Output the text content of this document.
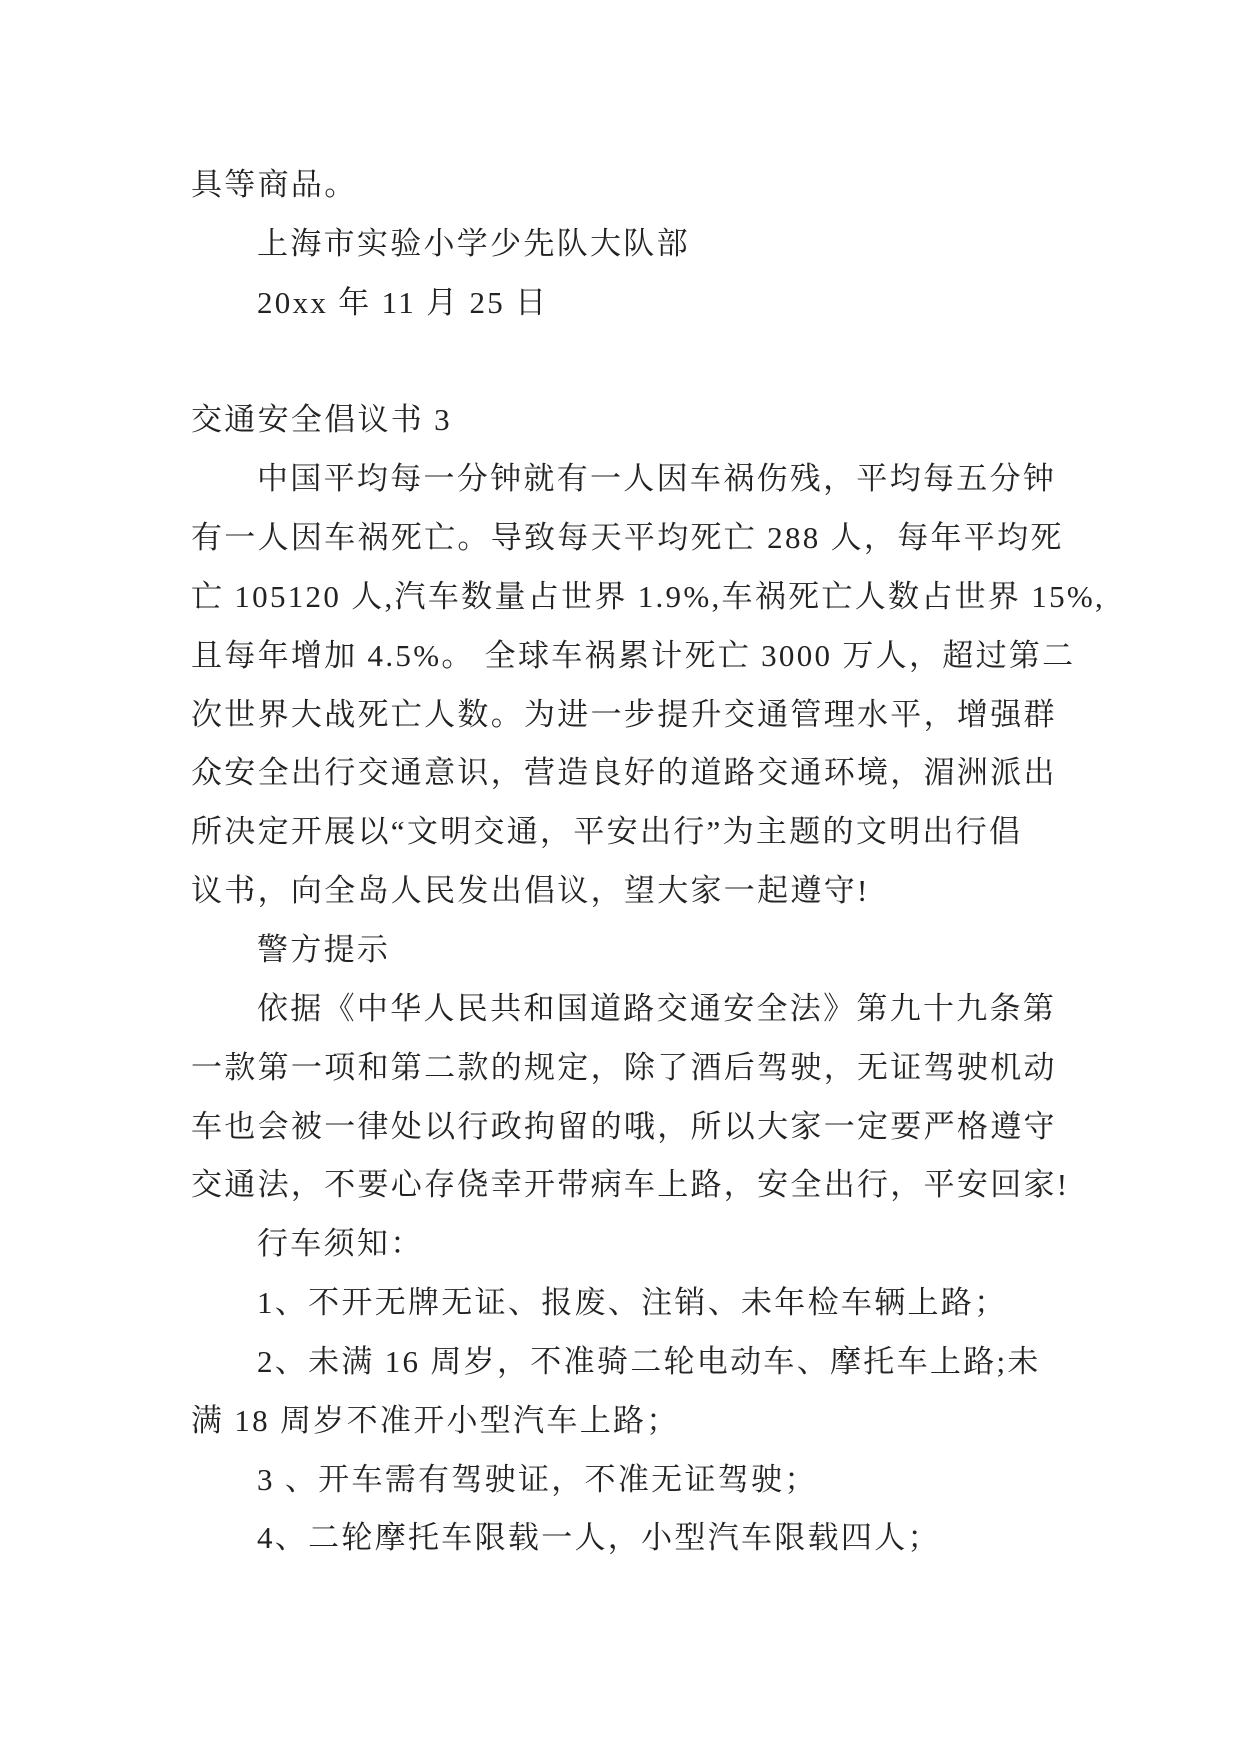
具等商品。
上海市实验小学少先队大队部
20xx 年 11 月 25 日
交通安全倡议书 3
中国平均每一分钟就有一人因车祸伤残，平均每五分钟
有一人因车祸死亡。导致每天平均死亡 288 人，每年平均死
亡 105120 人,汽车数量占世界 1.9%,车祸死亡人数占世界 15%,
且每年增加 4.5%。 全球车祸累计死亡 3000 万人，超过第二
次世界大战死亡人数。为进一步提升交通管理水平，增强群
众安全出行交通意识，营造良好的道路交通环境，湄洲派出
所决定开展以“文明交通，平安出行”为主题的文明出行倡
议书，向全岛人民发出倡议，望大家一起遵守!
警方提示
依据《中华人民共和国道路交通安全法》第九十九条第
一款第一项和第二款的规定，除了酒后驾驶，无证驾驶机动
车也会被一律处以行政拘留的哦，所以大家一定要严格遵守
交通法，不要心存侥幸开带病车上路，安全出行，平安回家!
行车须知：
1、不开无牌无证、报废、注销、未年检车辆上路；
2、未满 16 周岁，不准骑二轮电动车、摩托车上路;未
满 18 周岁不准开小型汽车上路；
3 、开车需有驾驶证，不准无证驾驶；
4、二轮摩托车限载一人，小型汽车限载四人；
